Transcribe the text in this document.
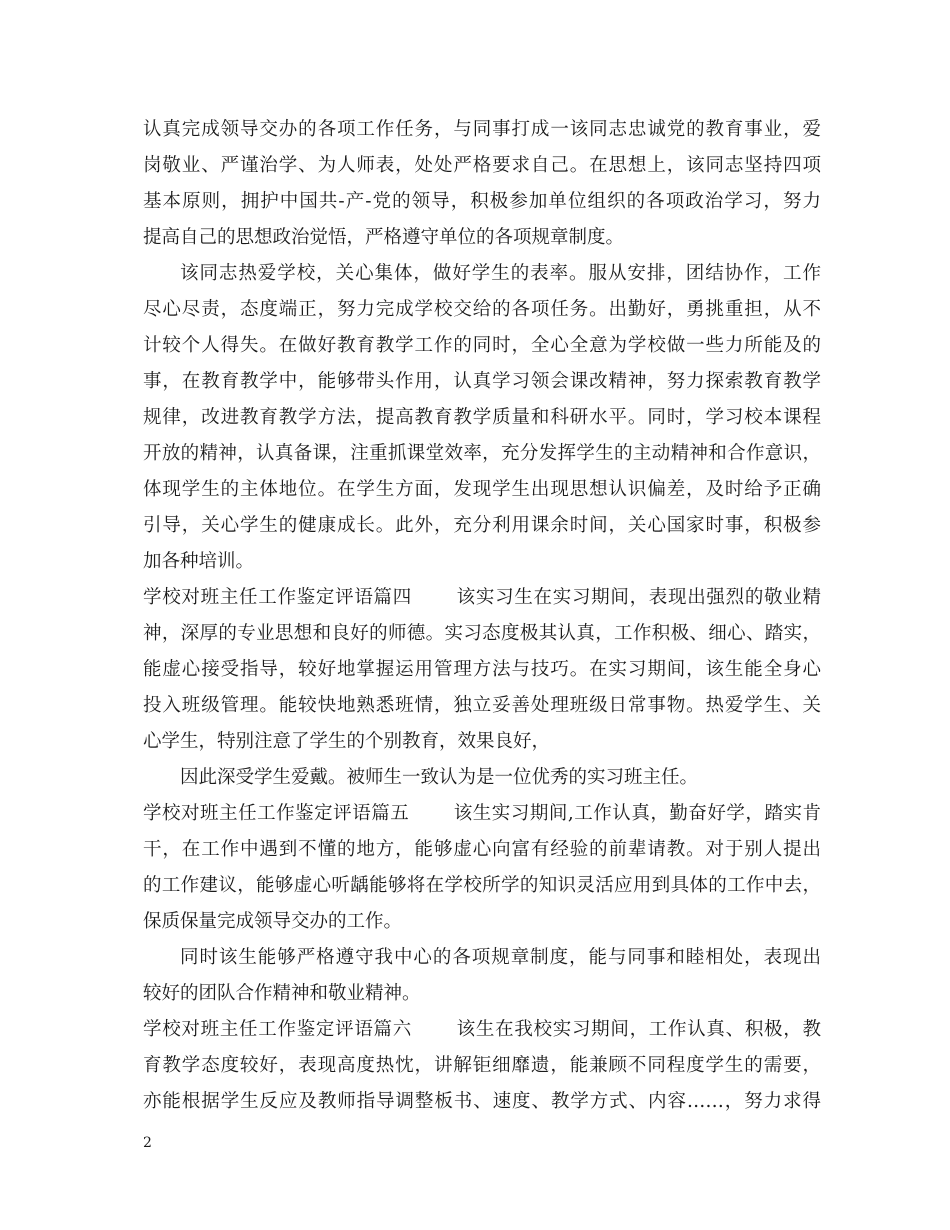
认真完成领导交办的各项工作任务，与同事打成一该同志忠诚党的教育事业，爱
岗敬业、严谨治学、为人师表，处处严格要求自己。在思想上，该同志坚持四项
基本原则，拥护中国共-产-党的领导，积极参加单位组织的各项政治学习，努力
提高自己的思想政治觉悟，严格遵守单位的各项规章制度。
该同志热爱学校，关心集体，做好学生的表率。服从安排，团结协作，工作
尽心尽责，态度端正，努力完成学校交给的各项任务。出勤好，勇挑重担，从不
计较个人得失。在做好教育教学工作的同时，全心全意为学校做一些力所能及的
事，在教育教学中，能够带头作用，认真学习领会课改精神，努力探索教育教学
规律，改进教育教学方法，提高教育教学质量和科研水平。同时，学习校本课程
开放的精神，认真备课，注重抓课堂效率，充分发挥学生的主动精神和合作意识，
体现学生的主体地位。在学生方面，发现学生出现思想认识偏差，及时给予正确
引导，关心学生的健康成长。此外，充分利用课余时间，关心国家时事，积极参
加各种培训。
学校对班主任工作鉴定评语篇四 该实习生在实习期间，表现出强烈的敬业精
神，深厚的专业思想和良好的师德。实习态度极其认真，工作积极、细心、踏实，
能虚心接受指导，较好地掌握运用管理方法与技巧。在实习期间，该生能全身心
投入班级管理。能较快地熟悉班情，独立妥善处理班级日常事物。热爱学生、关
心学生，特别注意了学生的个别教育，效果良好，
因此深受学生爱戴。被师生一致认为是一位优秀的实习班主任。
学校对班主任工作鉴定评语篇五 该生实习期间,工作认真，勤奋好学，踏实肯
干，在工作中遇到不懂的地方，能够虚心向富有经验的前辈请教。对于别人提出
的工作建议，能够虚心听龋能够将在学校所学的知识灵活应用到具体的工作中去，
保质保量完成领导交办的工作。
同时该生能够严格遵守我中心的各项规章制度，能与同事和睦相处，表现出
较好的团队合作精神和敬业精神。
学校对班主任工作鉴定评语篇六 该生在我校实习期间，工作认真、积极，教
育教学态度较好，表现高度热忱，讲解钜细靡遗，能兼顾不同程度学生的需要，
亦能根据学生反应及教师指导调整板书、速度、教学方式、内容……，努力求得
2
